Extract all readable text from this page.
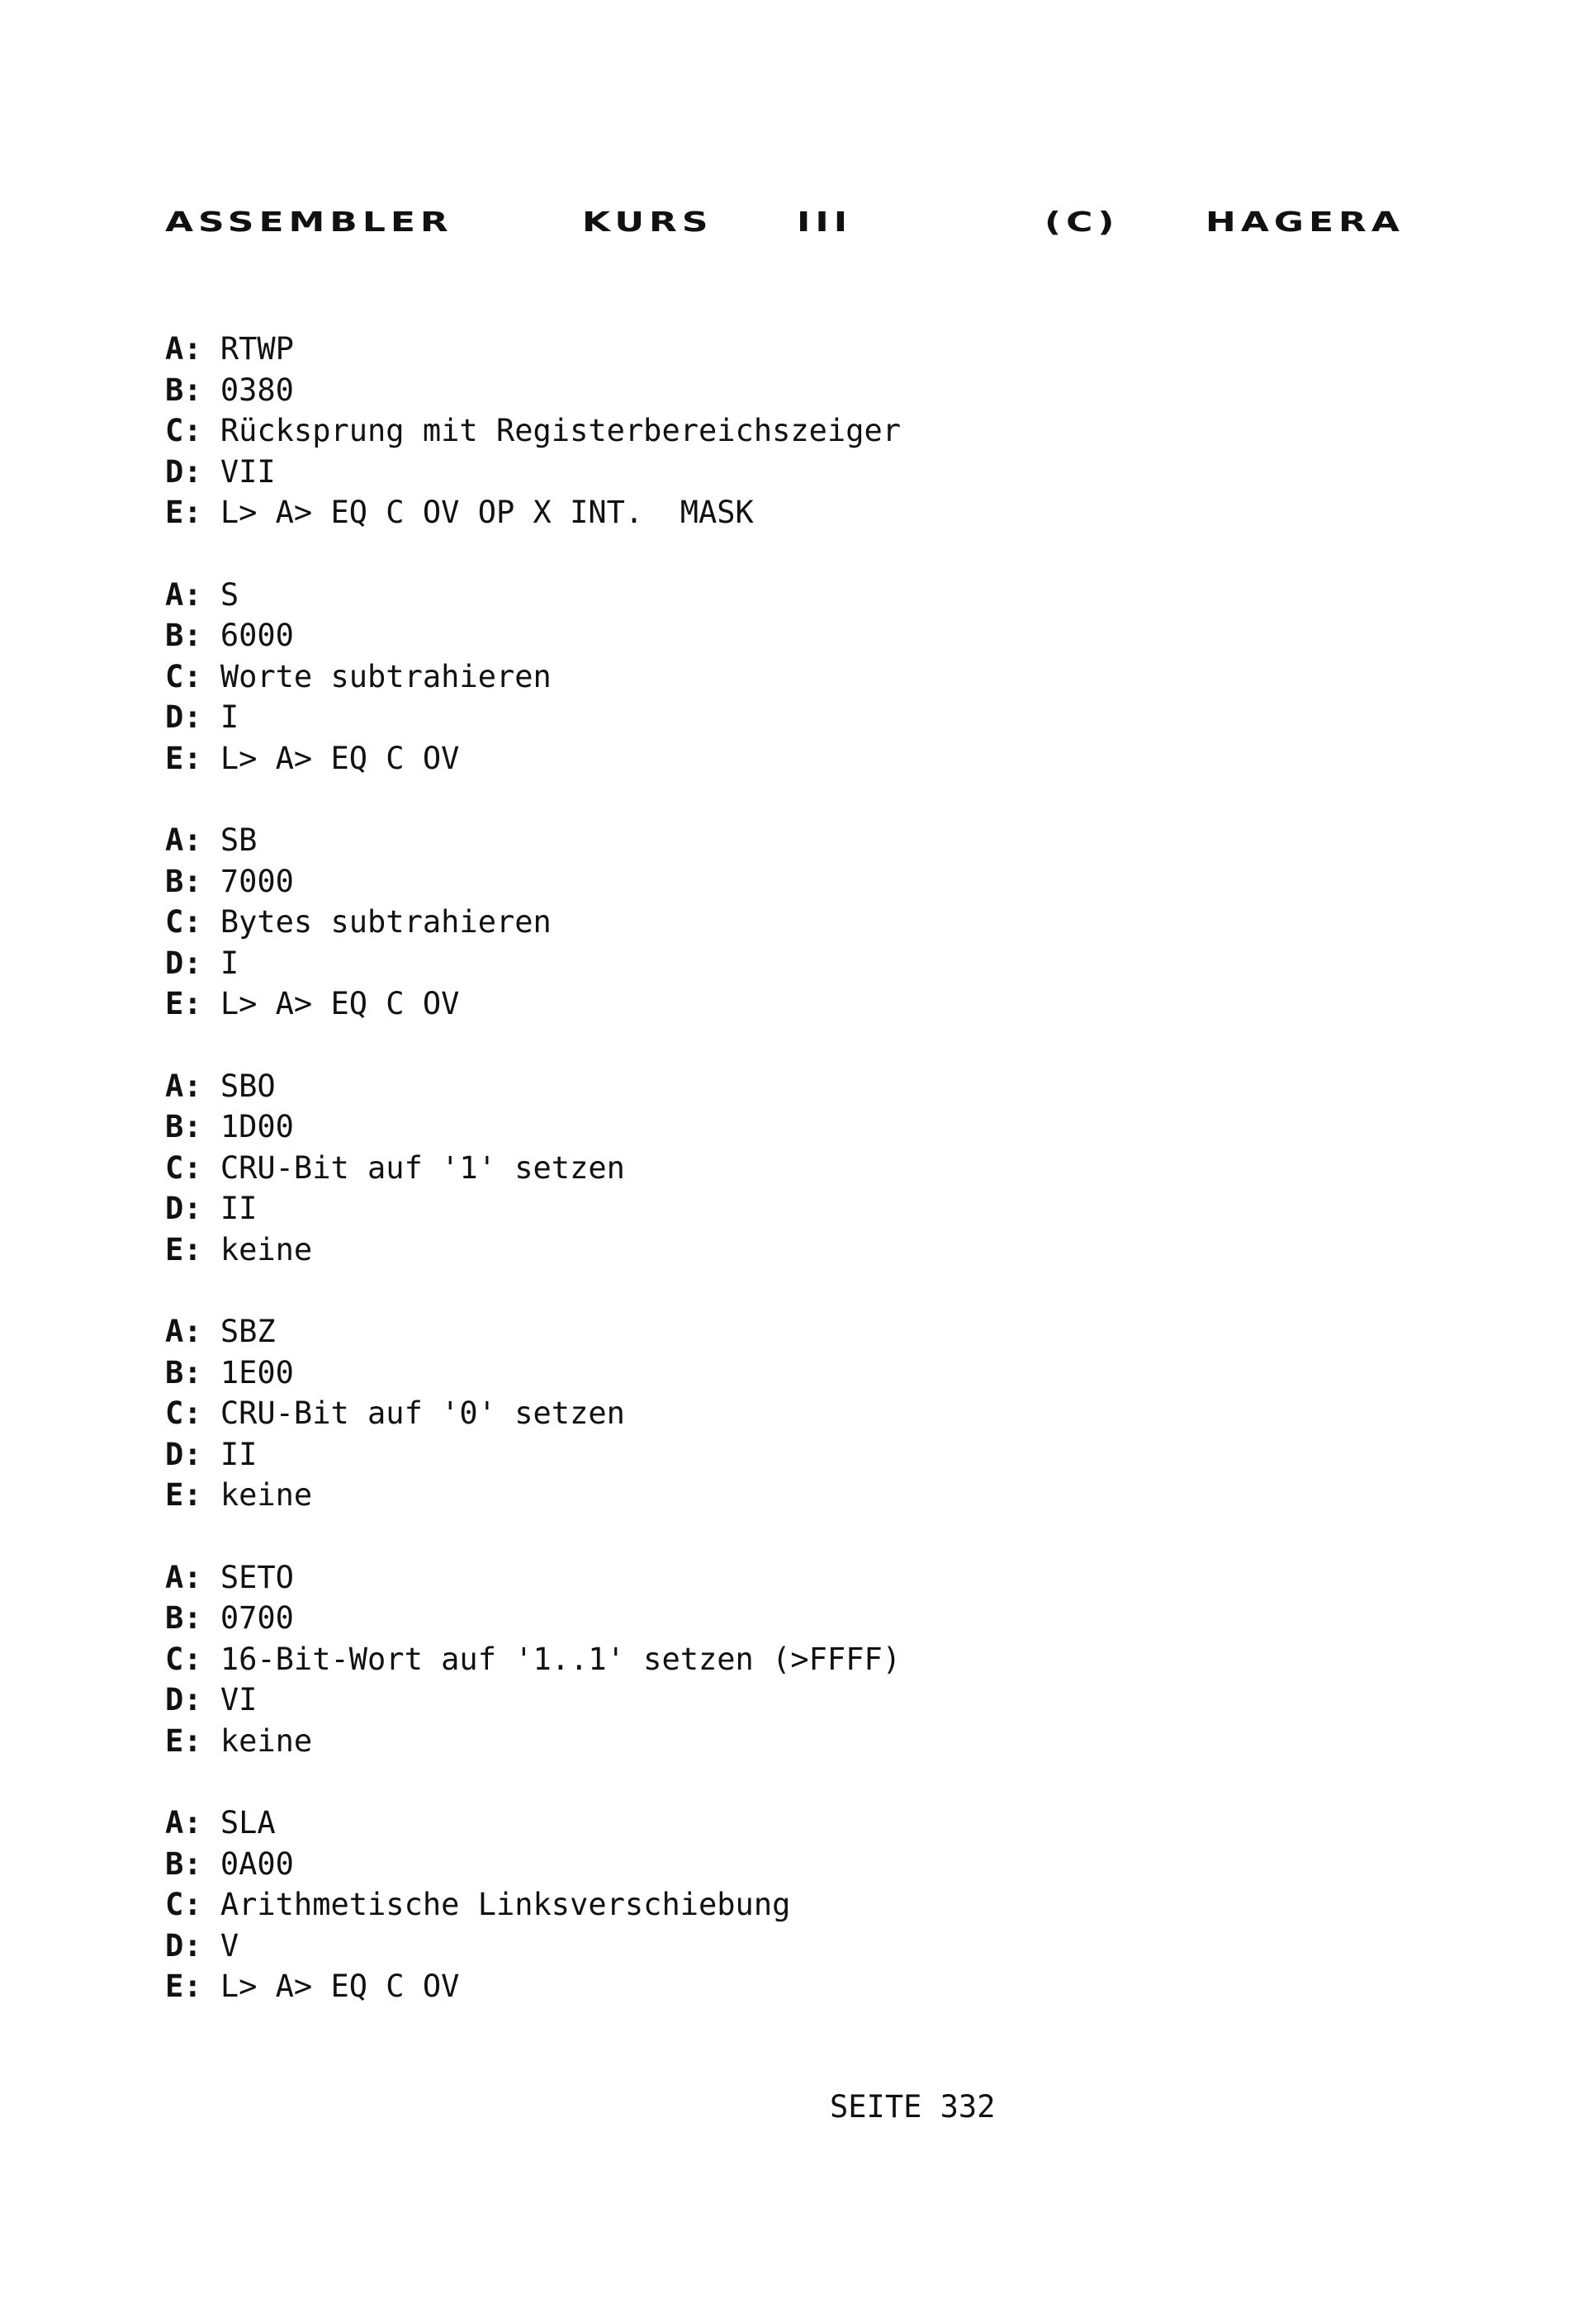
ASSEMBLER	KURS III	(C) HAGERA
A: RTWP
B: 0380
C: Rücksprung mit Registerbereichszeiger
D: VII
E: L> A> EQ C OV OP X INT.  MASK
A: S
B: 6000
C: Worte subtrahieren
D: I
E: L> A> EQ C OV
A: SB
B: 7000
C: Bytes subtrahieren
D: I
E: L> A> EQ C OV
A: SBO
B: 1D00
C: CRU-Bit auf '1' setzen
D: II
E: keine
A: SBZ
B: 1E00
C: CRU-Bit auf '0' setzen
D: II
E: keine
A: SETO
B: 0700
C: 16-Bit-Wort auf '1..1' setzen (>FFFF)
D: VI
E: keine
A: SLA
B: 0A00
C: Arithmetische Linksverschiebung
D: V
E: L> A> EQ C OV
SEITE 332
